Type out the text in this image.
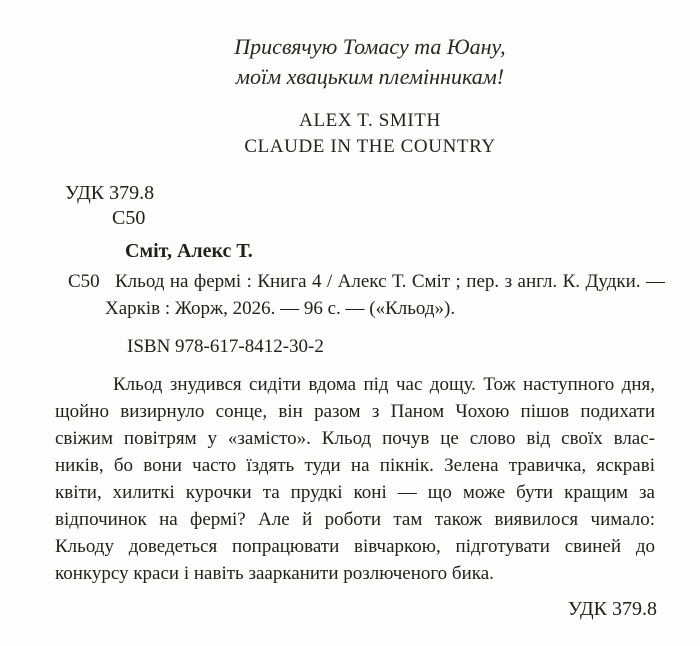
Присвячую Томасу та Юану,
моїм хвацьким племінникам!
ALEX T. SMITH
CLAUDE IN THE COUNTRY
УДК 379.8
С50
Сміт, Алекс Т.
С50 Кльод на фермі : Книга 4 / Алекс Т. Сміт ; пер. з англ. К. Дудки. —
Харків : Жорж, 2026. — 96 с. — («Кльод»).
ISBN 978-617-8412-30-2
Кльод знудився сидіти вдома під час дощу. Тож наступного дня,
щойно визирнуло сонце, він разом з Паном Чохою пішов подихати
свіжим повітрям у «замісто». Кльод почув це слово від своїх влас-
ників, бо вони часто їздять туди на пікнік. Зелена травичка, яскраві
квіти, хилиткі курочки та прудкі коні — що може бути кращим за
відпочинок на фермі? Але й роботи там також виявилося чимало:
Кльоду доведеться попрацювати вівчаркою, підготувати свиней до
конкурсу краси і навіть заарканити розлюченого бика.
УДК 379.8
